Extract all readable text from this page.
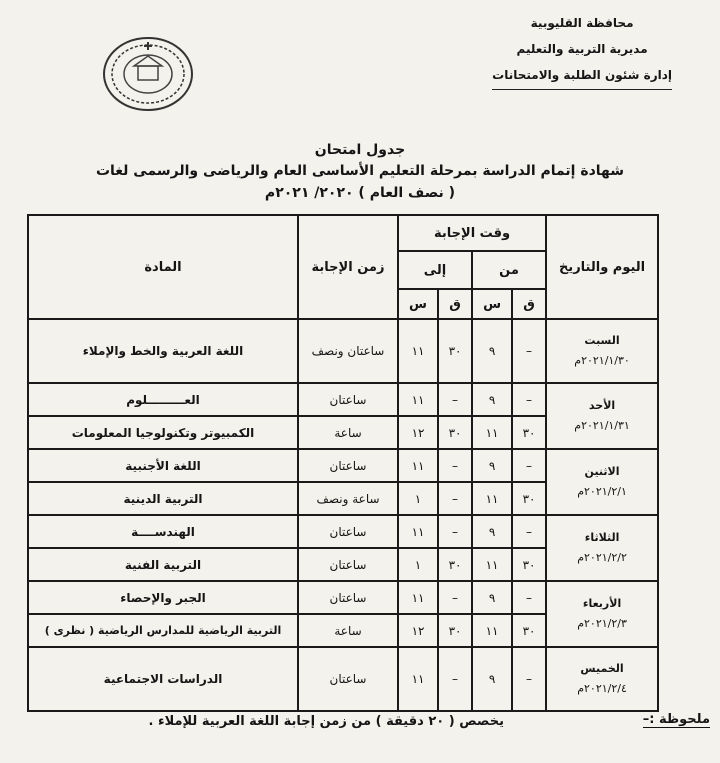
محافظة القليوبية
مديرية التربية والتعليم
إدارة شئون الطلبة والامتحانات
جدول امتحان
شهادة إتمام الدراسة بمرحلة التعليم الأساسى العام والرياضى والرسمى لغات
( نصف العام ) ٢٠٢٠/ ٢٠٢١م
اليوم والتاريخ	وقت الإجابة				زمن الإجابة	المادة
	من		إلى			
	ق	س	ق	س		

السبت
٢٠٢١/١/٣٠م	–	٩	٣٠	١١	ساعتان ونصف	اللغة العربية والخط والإملاء

الأحد
٢٠٢١/١/٣١م	–	٩	–	١١	ساعتان	العـــــــــلوم
	٣٠	١١	٣٠	١٢	ساعة	الكمبيوتر وتكنولوجيا المعلومات

الاثنين
٢٠٢١/٢/١م	–	٩	–	١١	ساعتان	اللغة الأجنبية
	٣٠	١١	–	١	ساعة ونصف	التربية الدينية

الثلاثاء
٢٠٢١/٢/٢م	–	٩	–	١١	ساعتان	الهندســــة
	٣٠	١١	٣٠	١	ساعتان	التربية الفنية

الأربعاء
٢٠٢١/٢/٣م	–	٩	–	١١	ساعتان	الجبر والإحصاء
	٣٠	١١	٣٠	١٢	ساعة	التربية الرياضية للمدارس الرياضية ( نظرى )

الخميس
٢٠٢١/٢/٤م	–	٩	–	١١	ساعتان	الدراسات الاجتماعية
ملحوظة :–
يخصص ( ٢٠ دقيقة ) من زمن إجابة اللغة العربية للإملاء .
